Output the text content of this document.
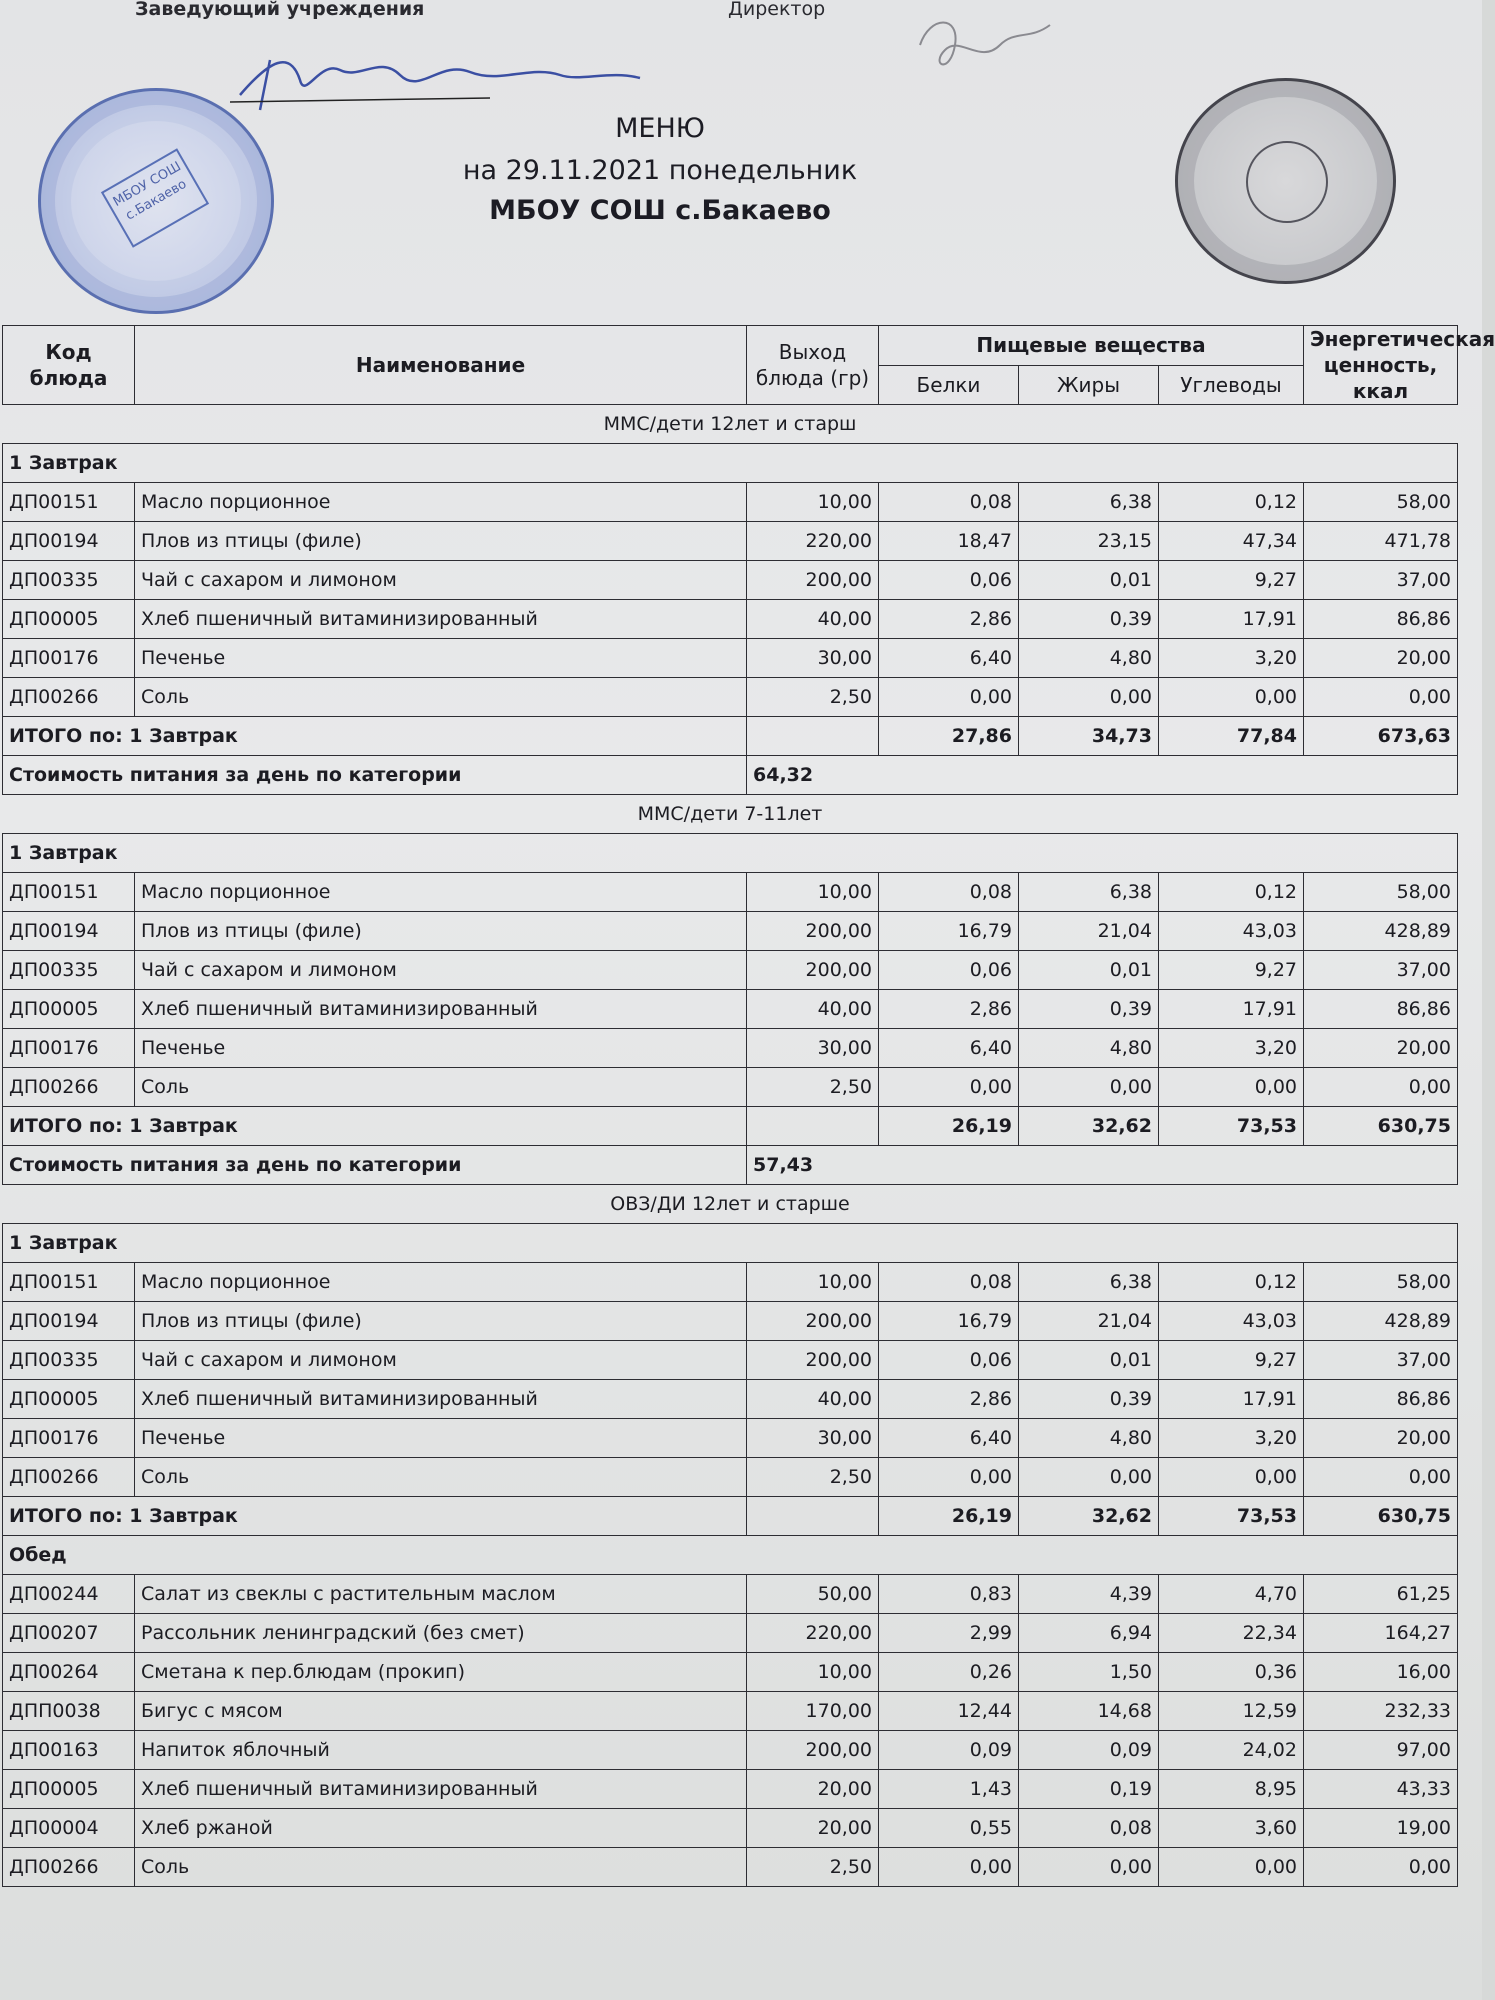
Заведующий учреждения	Директор
МБОУ СОШ с.Бакаево
МЕНЮ
на 29.11.2021 понедельник
МБОУ СОШ с.Бакаево
Код блюда	Наименование	Выход блюда (гр)	Пищевые вещества			Энергетическая ценность, ккал
			Белки	Жиры	Углеводы	
ММС/дети 12лет и старш						
1 Завтрак						
ДП00151	Масло порционное	10,00	0,08	6,38	0,12	58,00
ДП00194	Плов из птицы (филе)	220,00	18,47	23,15	47,34	471,78
ДП00335	Чай с сахаром и лимоном	200,00	0,06	0,01	9,27	37,00
ДП00005	Хлеб пшеничный витаминизированный	40,00	2,86	0,39	17,91	86,86
ДП00176	Печенье	30,00	6,40	4,80	3,20	20,00
ДП00266	Соль	2,50	0,00	0,00	0,00	0,00
ИТОГО по: 1 Завтрак			27,86	34,73	77,84	673,63
Стоимость питания за день по категории		64,32				
ММС/дети 7-11лет						
1 Завтрак						
ДП00151	Масло порционное	10,00	0,08	6,38	0,12	58,00
ДП00194	Плов из птицы (филе)	200,00	16,79	21,04	43,03	428,89
ДП00335	Чай с сахаром и лимоном	200,00	0,06	0,01	9,27	37,00
ДП00005	Хлеб пшеничный витаминизированный	40,00	2,86	0,39	17,91	86,86
ДП00176	Печенье	30,00	6,40	4,80	3,20	20,00
ДП00266	Соль	2,50	0,00	0,00	0,00	0,00
ИТОГО по: 1 Завтрак			26,19	32,62	73,53	630,75
Стоимость питания за день по категории		57,43				
ОВЗ/ДИ 12лет и старше						
1 Завтрак						
ДП00151	Масло порционное	10,00	0,08	6,38	0,12	58,00
ДП00194	Плов из птицы (филе)	200,00	16,79	21,04	43,03	428,89
ДП00335	Чай с сахаром и лимоном	200,00	0,06	0,01	9,27	37,00
ДП00005	Хлеб пшеничный витаминизированный	40,00	2,86	0,39	17,91	86,86
ДП00176	Печенье	30,00	6,40	4,80	3,20	20,00
ДП00266	Соль	2,50	0,00	0,00	0,00	0,00
ИТОГО по: 1 Завтрак			26,19	32,62	73,53	630,75
Обед						
ДП00244	Салат из свеклы с растительным маслом	50,00	0,83	4,39	4,70	61,25
ДП00207	Рассольник ленинградский (без смет)	220,00	2,99	6,94	22,34	164,27
ДП00264	Сметана к пер.блюдам (прокип)	10,00	0,26	1,50	0,36	16,00
ДПП0038	Бигус с мясом	170,00	12,44	14,68	12,59	232,33
ДП00163	Напиток яблочный	200,00	0,09	0,09	24,02	97,00
ДП00005	Хлеб пшеничный витаминизированный	20,00	1,43	0,19	8,95	43,33
ДП00004	Хлеб ржаной	20,00	0,55	0,08	3,60	19,00
ДП00266	Соль	2,50	0,00	0,00	0,00	0,00
